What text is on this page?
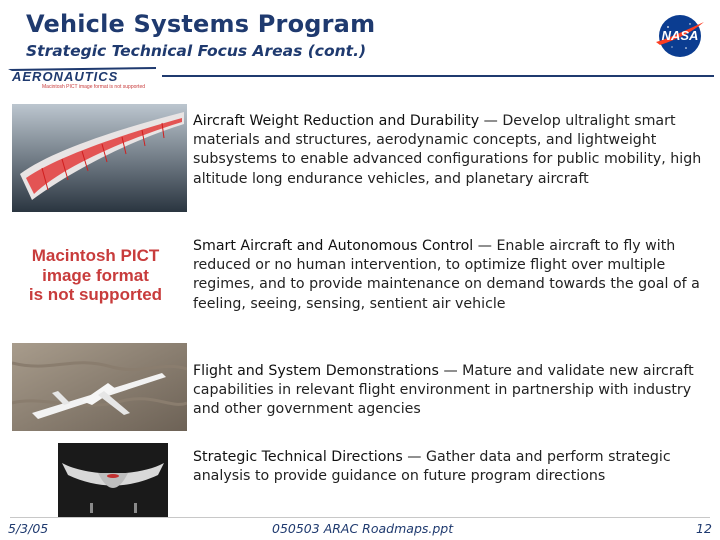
Vehicle Systems Program
Strategic Technical Focus Areas (cont.)
NASA
AERONAUTICS
Macintosh PICT image format is not supported
Macintosh PICT
image format
is not supported
Aircraft Weight Reduction and Durability — Develop ultralight smart materials and structures, aerodynamic concepts, and lightweight subsystems to enable advanced configurations for public mobility, high altitude long endurance vehicles, and planetary aircraft
Smart Aircraft and Autonomous Control — Enable aircraft to fly with reduced or no human intervention, to optimize flight over multiple regimes, and to provide maintenance on demand towards the goal of a feeling, seeing, sensing, sentient air vehicle
Flight and System Demonstrations — Mature and validate new aircraft capabilities in relevant flight environment in partnership with industry and other government agencies
Strategic Technical Directions — Gather data and perform strategic analysis to provide guidance on future program directions
5/3/05	050503 ARAC Roadmaps.ppt	12
